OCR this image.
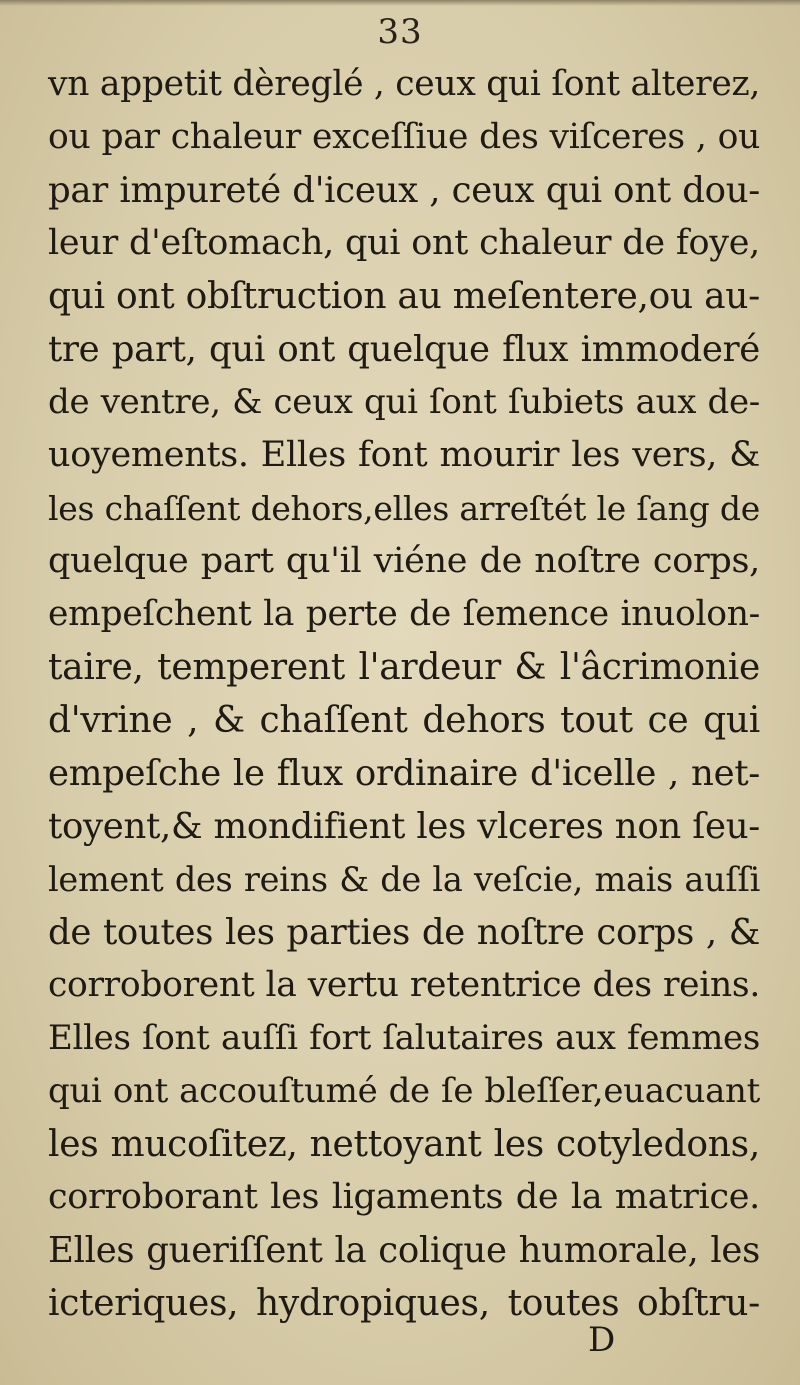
33
vn appetit dèreglé , ceux qui ſont alterez,
ou par chaleur exceſſiue des viſceres , ou
par impureté d'iceux , ceux qui ont dou-
leur d'eſtomach, qui ont chaleur de foye,
qui ont obſtruction au meſentere,ou au-
tre part, qui ont quelque flux immoderé
de ventre, & ceux qui ſont ſubiets aux de-
uoyements. Elles font mourir les vers, &
les chaſſent dehors,elles arreſtét le ſang de
quelque part qu'il viéne de noſtre corps,
empeſchent la perte de ſemence inuolon-
taire, temperent l'ardeur & l'âcrimonie
d'vrine , & chaſſent dehors tout ce qui
empeſche le flux ordinaire d'icelle , net-
toyent,& mondifient les vlceres non ſeu-
lement des reins & de la veſcie, mais auſſi
de toutes les parties de noſtre corps , &
corroborent la vertu retentrice des reins.
Elles ſont auſſi fort ſalutaires aux femmes
qui ont accouſtumé de ſe bleſſer,euacuant
les mucoſitez, nettoyant les cotyledons,
corroborant les ligaments de la matrice.
Elles gueriſſent la colique humorale, les
icteriques, hydropiques, toutes obſtru-
D
